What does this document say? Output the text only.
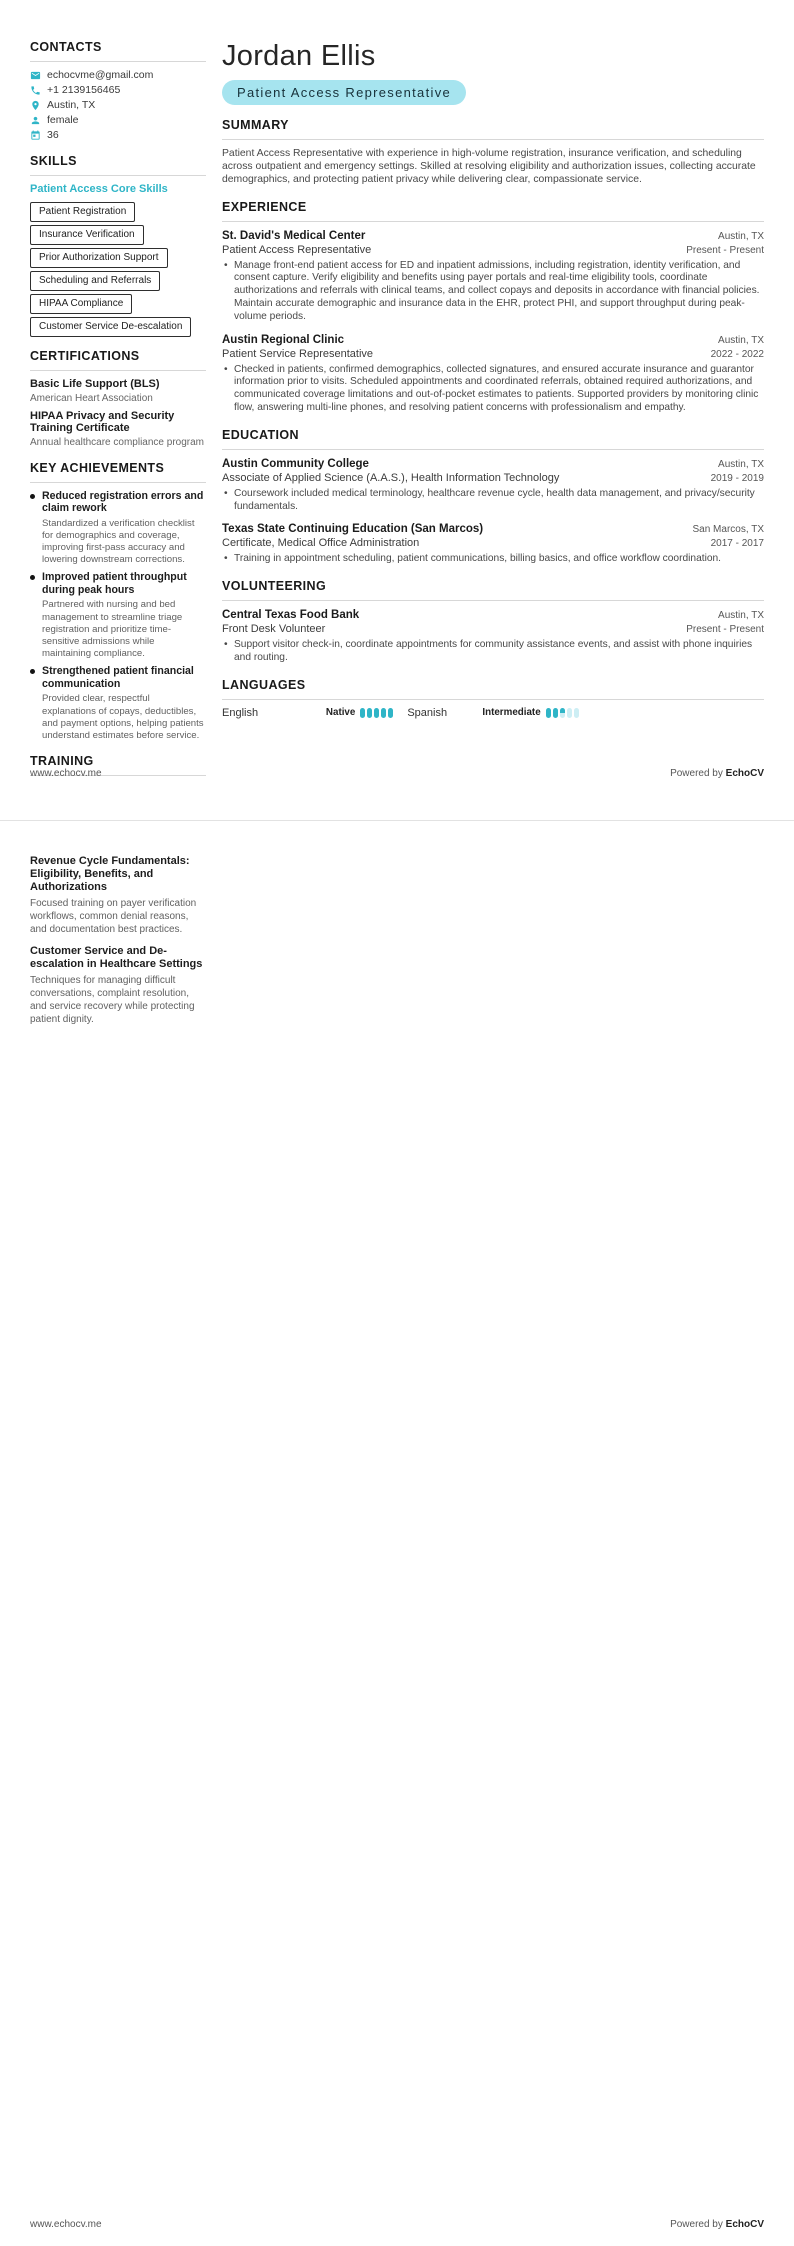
CONTACTS
echocvme@gmail.com
+1 2139156465
Austin, TX
female
36
SKILLS
Patient Access Core Skills
Patient Registration
Insurance Verification
Prior Authorization Support
Scheduling and Referrals
HIPAA Compliance
Customer Service De-escalation
CERTIFICATIONS
Basic Life Support (BLS)
American Heart Association
HIPAA Privacy and Security Training Certificate
Annual healthcare compliance program
KEY ACHIEVEMENTS
Reduced registration errors and claim rework
Standardized a verification checklist for demographics and coverage, improving first-pass accuracy and lowering downstream corrections.
Improved patient throughput during peak hours
Partnered with nursing and bed management to streamline triage registration and prioritize time-sensitive admissions while maintaining compliance.
Strengthened patient financial communication
Provided clear, respectful explanations of copays, deductibles, and payment options, helping patients understand estimates before service.
TRAINING
Jordan Ellis
Patient Access Representative
SUMMARY
Patient Access Representative with experience in high-volume registration, insurance verification, and scheduling across outpatient and emergency settings. Skilled at resolving eligibility and authorization issues, collecting accurate demographics, and protecting patient privacy while delivering clear, compassionate service.
EXPERIENCE
St. David's Medical Center	Austin, TX
Patient Access Representative	Present - Present
• Manage front-end patient access for ED and inpatient admissions, including registration, identity verification, and consent capture. Verify eligibility and benefits using payer portals and real-time eligibility tools, coordinate authorizations and referrals with clinical teams, and collect copays and deposits in accordance with financial policies. Maintain accurate demographic and insurance data in the EHR, protect PHI, and support throughput during peak-volume periods.
Austin Regional Clinic	Austin, TX
Patient Service Representative	2022 - 2022
• Checked in patients, confirmed demographics, collected signatures, and ensured accurate insurance and guarantor information prior to visits. Scheduled appointments and coordinated referrals, obtained required authorizations, and communicated coverage limitations and out-of-pocket estimates to patients. Supported providers by monitoring clinic flow, answering multi-line phones, and resolving patient concerns with professionalism and empathy.
EDUCATION
Austin Community College	Austin, TX
Associate of Applied Science (A.A.S.), Health Information Technology	2019 - 2019
• Coursework included medical terminology, healthcare revenue cycle, health data management, and privacy/security fundamentals.
Texas State Continuing Education (San Marcos)	San Marcos, TX
Certificate, Medical Office Administration	2017 - 2017
• Training in appointment scheduling, patient communications, billing basics, and office workflow coordination.
VOLUNTEERING
Central Texas Food Bank	Austin, TX
Front Desk Volunteer	Present - Present
• Support visitor check-in, coordinate appointments for community assistance events, and assist with phone inquiries and routing.
LANGUAGES
English	Native	Spanish	Intermediate
www.echocv.me	Powered by EchoCV
Revenue Cycle Fundamentals: Eligibility, Benefits, and Authorizations
Focused training on payer verification workflows, common denial reasons, and documentation best practices.
Customer Service and De-escalation in Healthcare Settings
Techniques for managing difficult conversations, complaint resolution, and service recovery while protecting patient dignity.
www.echocv.me	Powered by EchoCV
